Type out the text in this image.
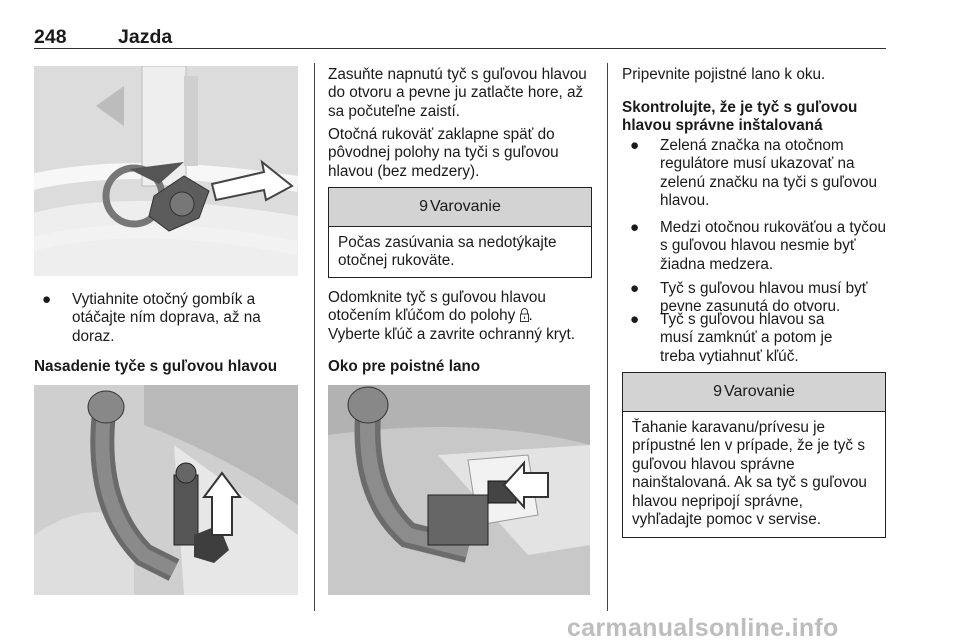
248	Jazda
● Vytiahnite otočný gombík a otáčajte ním doprava, až na doraz.
Nasadenie tyče s guľovou hlavou
Zasuňte napnutú tyč s guľovou hlavou do otvoru a pevne ju zatlačte hore, až sa počuteľne zaistí.
Otočná rukoväť zaklapne späť do pôvodnej polohy na tyči s guľovou hlavou (bez medzery).
9 Varovanie
Počas zasúvania sa nedotýkajte otočnej rukoväte.
Odomknite tyč s guľovou hlavou otočením kľúčom do polohy .
Vyberte kľúč a zavrite ochranný kryt.
Oko pre poistné lano
Pripevnite pojistné lano k oku.
Skontrolujte, že je tyč s guľovou hlavou správne inštalovaná
● Zelená značka na otočnom regulátore musí ukazovať na zelenú značku na tyči s guľovou hlavou.
● Medzi otočnou rukoväťou a tyčou s guľovou hlavou nesmie byť žiadna medzera.
● Tyč s guľovou hlavou musí byť pevne zasunutá do otvoru.
● Tyč s guľovou hlavou sa musí zamknúť a potom je treba vytiahnuť kľúč.
9 Varovanie
Ťahanie karavanu/prívesu je prípustné len v prípade, že je tyč s guľovou hlavou správne nainštalovaná. Ak sa tyč s guľovou hlavou nepripojí správne, vyhľadajte pomoc v servise.
carmanualsonline.info
